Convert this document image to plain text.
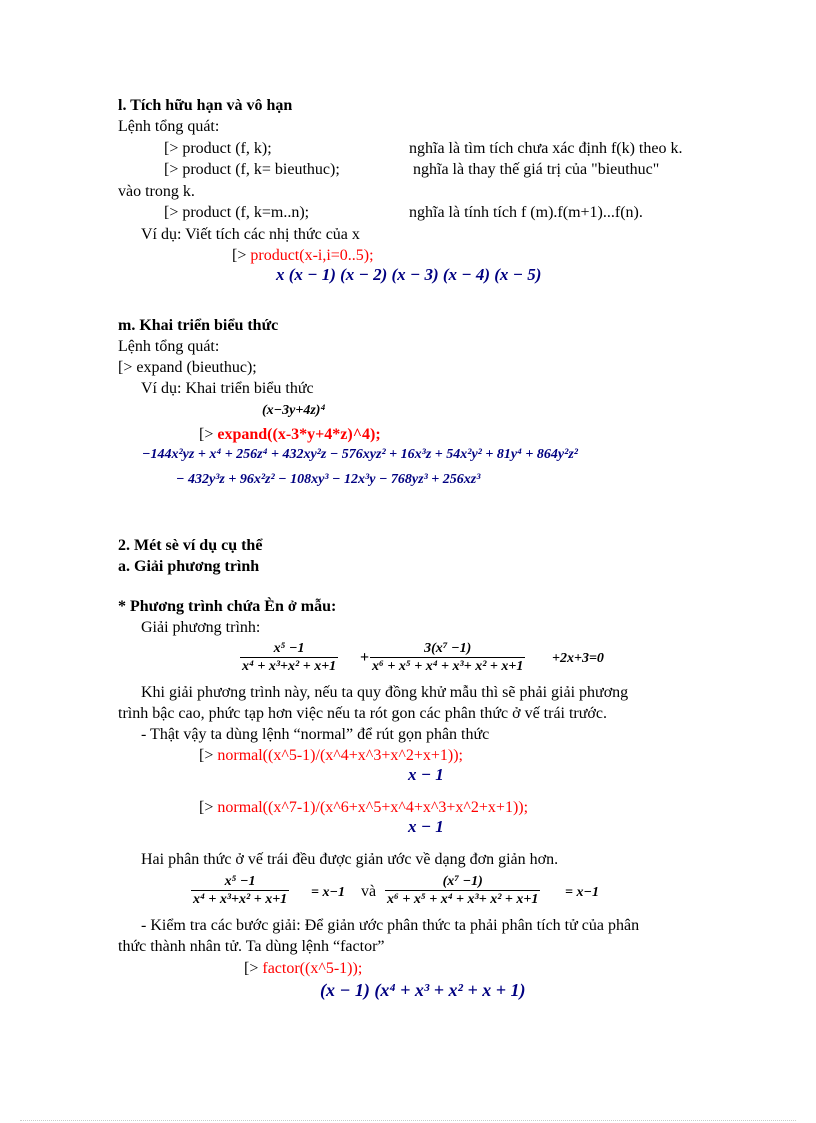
l. Tích hữu hạn và vô hạn
Lệnh tổng quát:
[> product (f, k);	nghĩa là tìm tích chưa xác định f(k) theo k.
[> product (f, k= bieuthuc);	nghĩa là thay thế giá trị của "bieuthuc"
vào trong k.
[> product (f, k=m..n);	nghĩa là tính tích f (m).f(m+1)...f(n).
Ví dụ: Viết tích các nhị thức của x
[> product(x-i,i=0..5);
x (x − 1) (x − 2) (x − 3) (x − 4) (x − 5)
m. Khai triển biểu thức
Lệnh tổng quát:
[> expand (bieuthuc);
Ví dụ: Khai triển biểu thức
(x−3y+4z)⁴
[> expand((x-3*y+4*z)^4);
−144x²yz + x⁴ + 256z⁴ + 432xy²z − 576xyz² + 16x³z + 54x²y² + 81y⁴ + 864y²z²
− 432y³z + 96x²z² − 108xy³ − 12x³y − 768yz³ + 256xz³
2. Mét sè ví dụ cụ thể
a. Giải phương trình
* Phương trình chứa Èn ở mẫu:
Giải phương trình:
x⁵ −1
x⁴ + x³+x² + x+1
+
3(x⁷ −1)
x⁶ + x⁵ + x⁴ + x³+ x² + x+1
+2x+3=0
Khi giải phương trình này, nếu ta quy đồng khử mẫu thì sẽ phải giải phương
trình bậc cao, phức tạp hơn việc nếu ta rót gon các phân thức ở vế trái trước.
- Thật vậy ta dùng lệnh “normal” để rút gọn phân thức
[> normal((x^5-1)/(x^4+x^3+x^2+x+1));
x − 1
[> normal((x^7-1)/(x^6+x^5+x^4+x^3+x^2+x+1));
x − 1
Hai phân thức ở vế trái đều được giản ước về dạng đơn giản hơn.
x⁵ −1
x⁴ + x³+x² + x+1 = x−1 và
(x⁷ −1)
x⁶ + x⁵ + x⁴ + x³+ x² + x+1 = x−1
- Kiểm tra các bước giải: Để giản ước phân thức ta phải phân tích tử của phân
thức thành nhân tử. Ta dùng lệnh “factor”
[> factor((x^5-1));
(x − 1) (x⁴ + x³ + x² + x + 1)
